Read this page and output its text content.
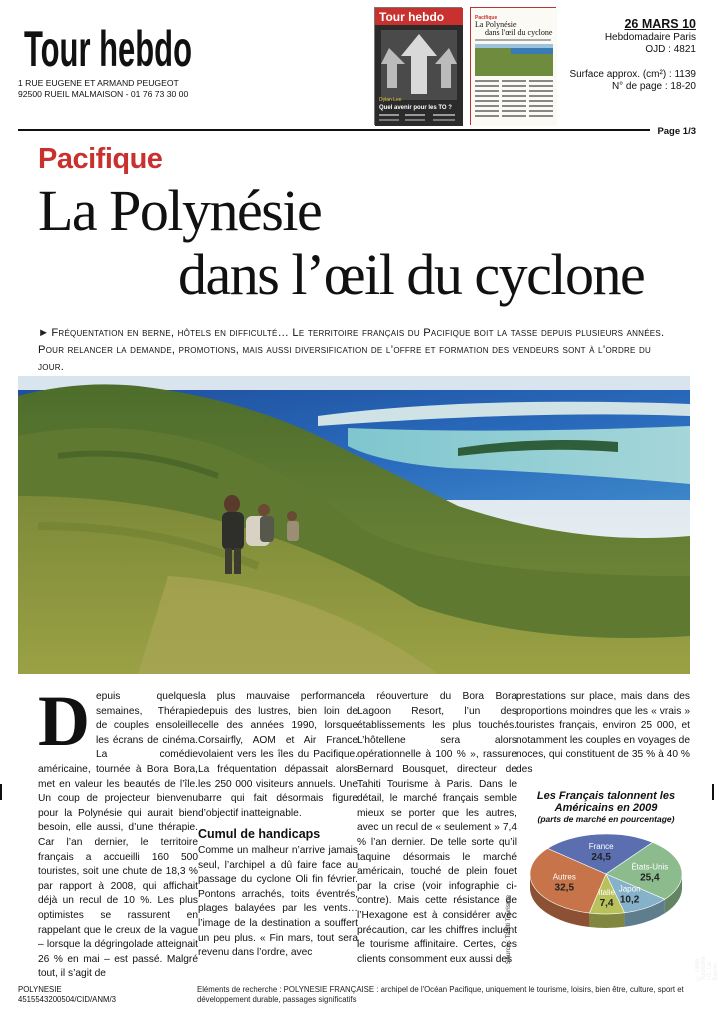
Tour hebdo
1 RUE EUGENE ET ARMAND PEUGEOT
92500 RUEIL MALMAISON - 01 76 73 30 00
Tour hebdo
Dylan Lee
Quel avenir pour les TO ?
Pacifique
La Polynésie
dans l'œil du cyclone
26 MARS 10
Hebdomadaire Paris
OJD : 4821
Surface approx. (cm²) : 1139
N° de page : 18-20
Page 1/3
Pacifique
La Polynésie
dans l’œil du cyclone
► Fréquentation en berne, hôtels en difficulté… Le territoire français du Pacifique boit la tasse depuis plusieurs années. Pour relancer la demande, promotions, mais aussi diversification de l’offre et formation des vendeurs sont à l’ordre du jour.
© Tahiti Tourisme / G. Le Bacon
Depuis quelques semaines, Thérapie de couples ensoleille les écrans de cinéma. La comédie américaine, tournée à Bora Bora, met en valeur les beautés de l’île. Un coup de projecteur bienvenu pour la Polynésie qui aurait bien besoin, elle aussi, d’une thérapie. Car l’an dernier, le territoire français a accueilli 160 500 touristes, soit une chute de 18,3 % par rapport à 2008, qui affichait déjà un recul de 10 %. Les plus optimistes se rassurent en rappelant que le creux de la vague – lorsque la dégringolade atteignait 26 % en mai – est passé. Malgré tout, il s’agit de

la plus mauvaise performance depuis des lustres, bien loin de celle des années 1990, lorsque Corsairfly, AOM et Air France volaient vers les îles du Pacifique. La fréquentation dépassait alors les 250 000 visiteurs annuels. Une barre qui fait désormais figure d’objectif inatteignable.

Cumul de handicaps

Comme un malheur n’arrive jamais seul, l’archipel a dû faire face au passage du cyclone Oli fin février. Pontons arrachés, toits éventrés, plages balayées par les vents… l’image de la destination a souffert un peu plus. « Fin mars, tout sera revenu dans l’ordre, avec

la réouverture du Bora Bora Lagoon Resort, l’un des établissements les plus touchés. L’hôtellene sera alors opérationnelle à 100 % », rassure Bernard Bousquet, directeur de Tahiti Tourisme à Paris. Dans le détail, le marché français semble mieux se porter que les autres, avec un recul de « seulement » 7,4 % l’an dernier. De telle sorte qu’il taquine désormais le marché américain, touché de plein fouet par la crise (voir infographie ci-contre). Mais cette résistance de l’Hexagone est à considérer avec précaution, car les chiffres incluent le tourisme affinitaire. Certes, ces clients consomment eux aussi des

prestations sur place, mais dans des proportions moindres que les « vrais » touristes français, environ 25 000, et notamment les couples en voyages de noces, qui constituent de 35 % à 40 % des

Les Français talonnent les Américains en 2009
(parts de marché en pourcentage)
France
24,5
États-Unis
25,4
Japon
10,2
Italie
7,4
Autres
32,5
Source : Tahiti Tourisme
POLYNESIE
4515543200504/CID/ANM/3
Eléments de recherche : POLYNESIE FRANÇAISE : archipel de l'Océan Pacifique, uniquement le tourisme, loisirs, bien être, culture, sport et développement durable, passages significatifs
